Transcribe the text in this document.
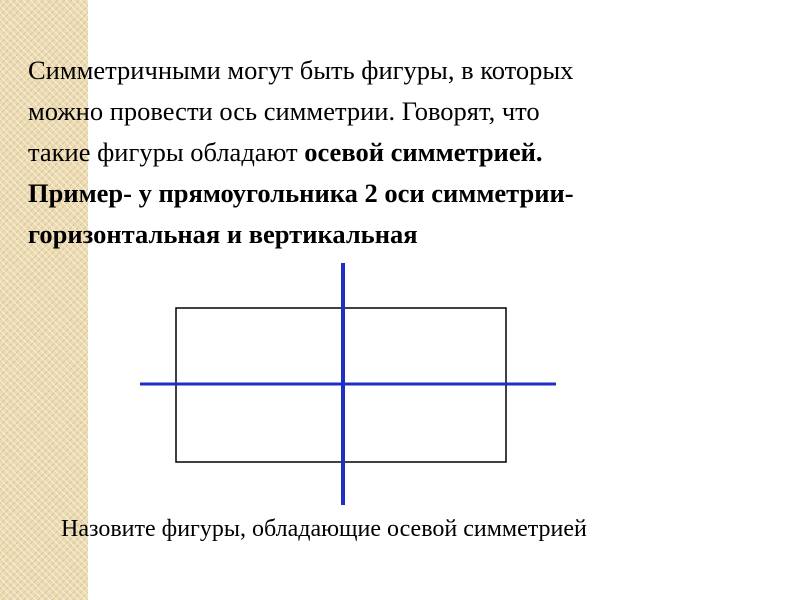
Симметричными могут быть фигуры, в которых
можно провести ось симметрии. Говорят, что
такие фигуры обладают осевой симметрией.
Пример- у прямоугольника 2 оси симметрии-
горизонтальная и вертикальная
Назовите фигуры, обладающие осевой симметрией
